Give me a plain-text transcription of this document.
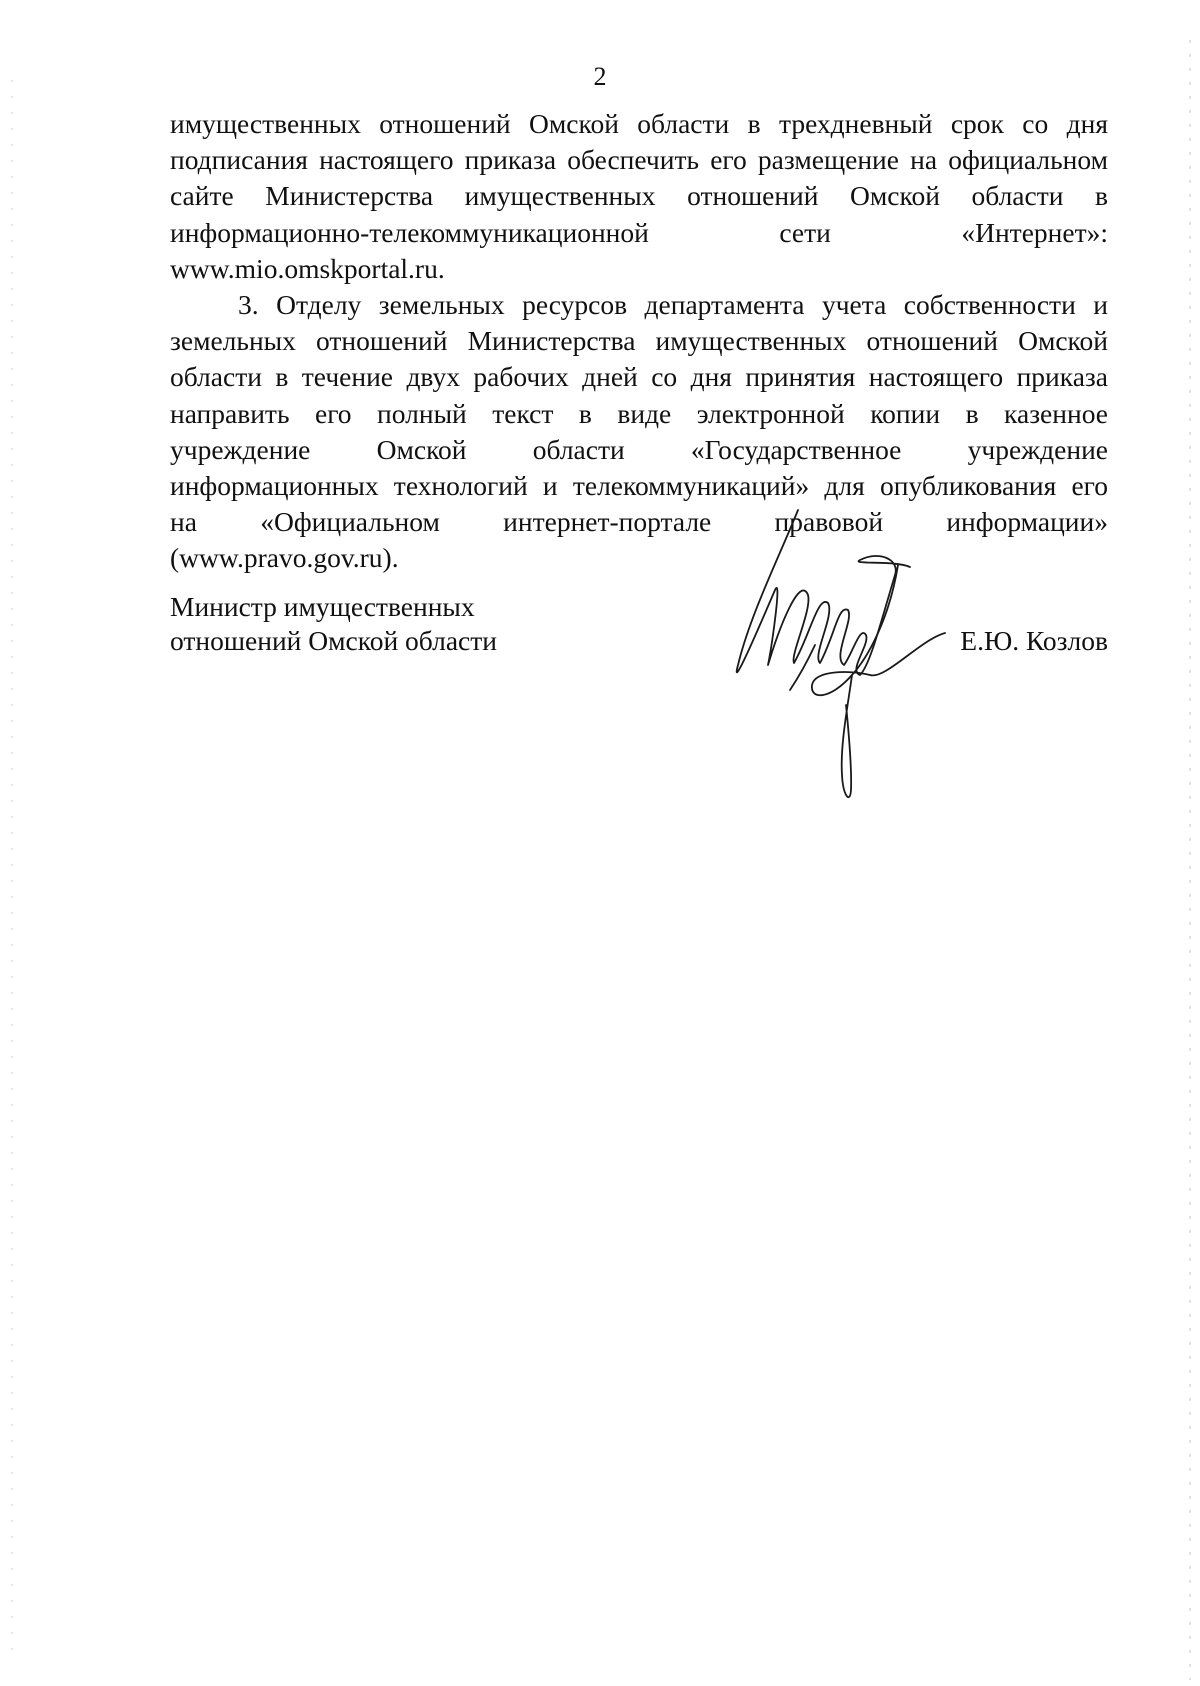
2
имущественных отношений Омской области в трехдневный срок со дня
подписания настоящего приказа обеспечить его размещение на официальном
сайте Министерства имущественных отношений Омской области в
информационно-телекоммуникационной сети «Интернет»:
www.mio.omskportal.ru.
3. Отделу земельных ресурсов департамента учета собственности и
земельных отношений Министерства имущественных отношений Омской
области в течение двух рабочих дней со дня принятия настоящего приказа
направить его полный текст в виде электронной копии в казенное
учреждение Омской области «Государственное учреждение
информационных технологий и телекоммуникаций» для опубликования его
на «Официальном интернет-портале правовой информации»
(www.pravo.gov.ru).
Министр имущественных
отношений Омской области	Е.Ю. Козлов
